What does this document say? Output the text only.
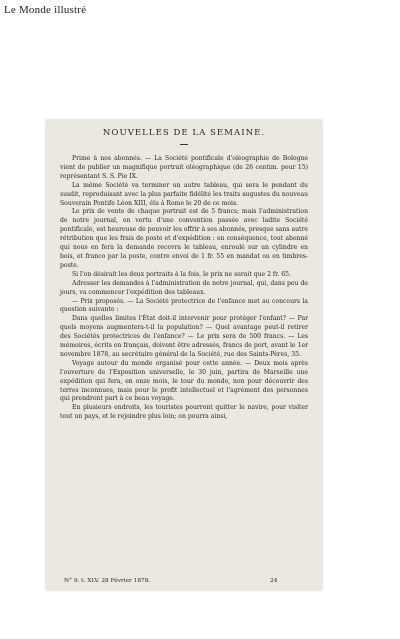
Le Monde illustré
NOUVELLES DE LA SEMAINE.

Prime à nos abonnés. — La Société pontificale d'oléographie de Bologne vient de publier un magnifique portrait oléographique (de 26 centim. pour 15) représentant S. S. Pie IX.

La même Société va terminer un autre tableau, qui sera le pendant du susdit, reproduisant avec la plus parfaite fidélité les traits augustes du nouveau Souverain Pontife Léon XIII, élu à Rome le 20 de ce mois.

Le prix de vente de chaque portrait est de 5 francs; mais l'administration de notre journal, en vertu d'une convention passée avec ladite Société pontificale, est heureuse de pouvoir les offrir à ses abonnés, presque sans autre rétribution que les frais de poste et d'expédition : en conséquence, tout abonné qui nous en fera la demande recevra le tableau, enroulé sur un cylindre en bois, et franco par la poste, contre envoi de 1 fr. 55 en mandat ou en timbres-poste.

Si l'on désirait les deux portraits à la fois, le prix ne serait que 2 fr. 65.

Adresser les demandes à l'administration de notre journal, qui, dans peu de jours, va commencer l'expédition des tableaux.

— Prix proposés. — La Société protectrice de l'enfance met au concours la question suivante :

Dans quelles limites l'État doit-il intervenir pour protéger l'enfant? — Par quels moyens augmentera-t-il la population? — Quel avantage peut-il retirer des Sociétés protectrices de l'enfance? — Le prix sera de 500 francs. — Les mémoires, écrits en français, doivent être adressés, francs de port, avant le 1er novembre 1878, au secrétaire général de la Société, rue des Saints-Pères, 35.

Voyage autour du monde organisé pour cette année. — Deux mois après l'ouverture de l'Exposition universelle, le 30 juin, partira de Marseille une expédition qui fera, en onze mois, le tour du monde, non pour découvrir des terres inconnues, mais pour le profit intellectuel et l'agrément des personnes qui prendront part à ce beau voyage.

En plusieurs endroits, les touristes pourront quitter le navire, pour visiter tout un pays, et le rejoindre plus loin; on pourra ainsi,

N° 9. t. XLV. 28 Février 1878.	24
